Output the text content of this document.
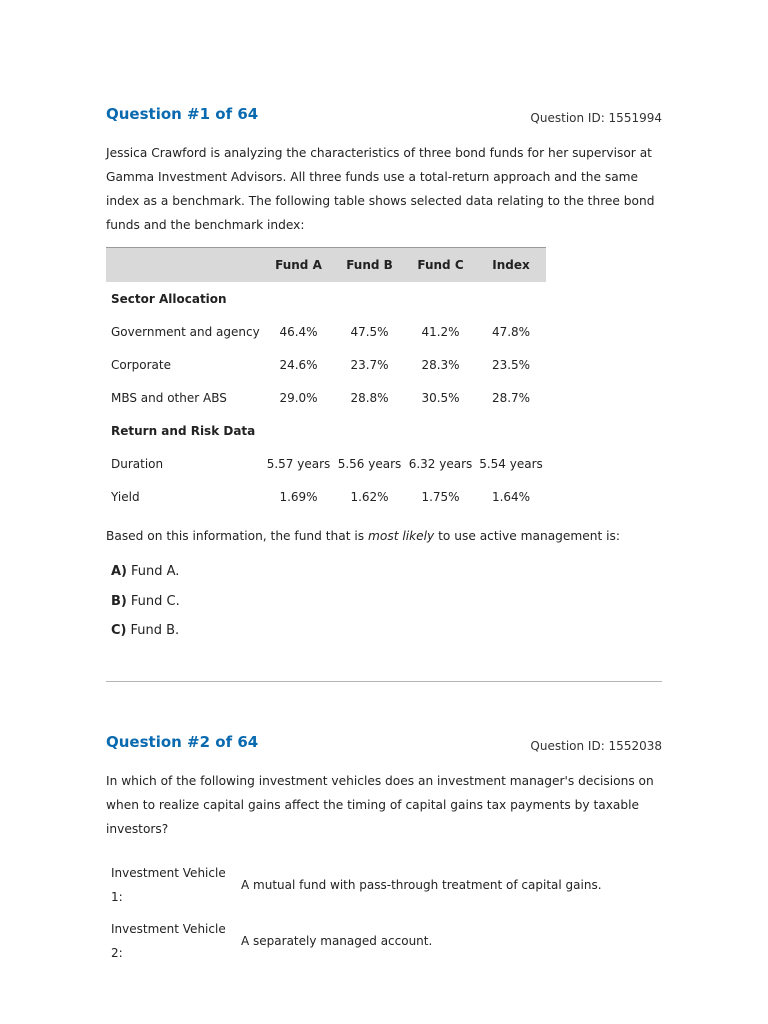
Question #1 of 64	Question ID: 1551994
Jessica Crawford is analyzing the characteristics of three bond funds for her supervisor at Gamma Investment Advisors. All three funds use a total-return approach and the same index as a benchmark. The following table shows selected data relating to the three bond funds and the benchmark index:
	Fund A	Fund B	Fund C	Index
Sector Allocation				
Government and agency	46.4%	47.5%	41.2%	47.8%
Corporate	24.6%	23.7%	28.3%	23.5%
MBS and other ABS	29.0%	28.8%	30.5%	28.7%
Return and Risk Data				
Duration	5.57 years	5.56 years	6.32 years	5.54 years
Yield	1.69%	1.62%	1.75%	1.64%
Based on this information, the fund that is most likely to use active management is:
A) Fund A.
B) Fund C.
C) Fund B.
Question #2 of 64	Question ID: 1552038
In which of the following investment vehicles does an investment manager's decisions on when to realize capital gains affect the timing of capital gains tax payments by taxable investors?
Investment Vehicle 1:	A mutual fund with pass-through treatment of capital gains.
Investment Vehicle 2:	A separately managed account.
